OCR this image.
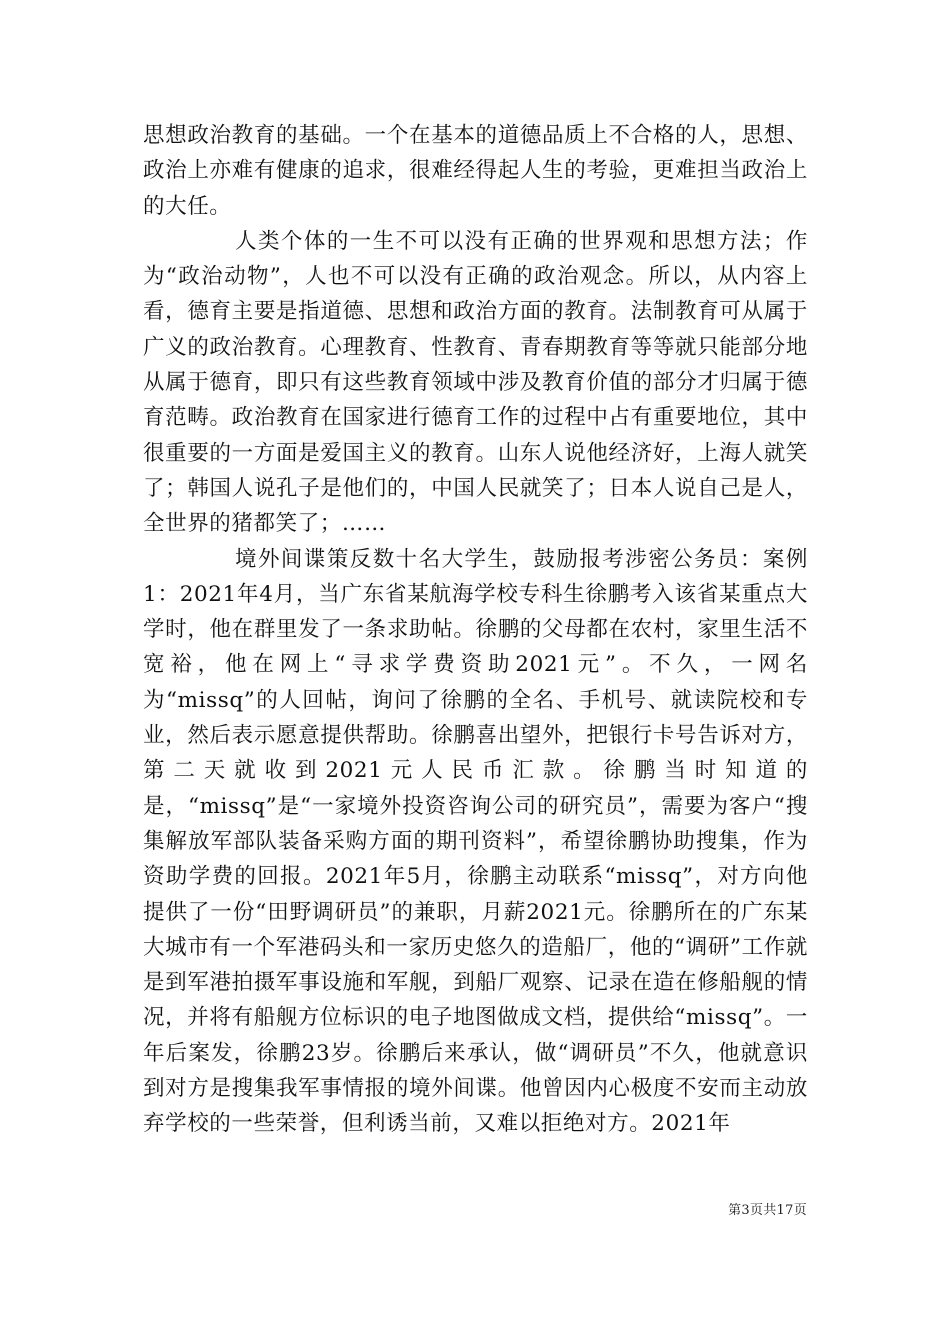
思想政治教育的基础。一个在基本的道德品质上不合格的人，思想、政治上亦难有健康的追求，很难经得起人生的考验，更难担当政治上的大任。

人类个体的一生不可以没有正确的世界观和思想方法；作为“政治动物”，人也不可以没有正确的政治观念。所以，从内容上看，德育主要是指道德、思想和政治方面的教育。法制教育可从属于广义的政治教育。心理教育、性教育、青春期教育等等就只能部分地从属于德育，即只有这些教育领域中涉及教育价值的部分才归属于德育范畴。政治教育在国家进行德育工作的过程中占有重要地位，其中很重要的一方面是爱国主义的教育。山东人说他经济好，上海人就笑了；韩国人说孔子是他们的，中国人民就笑了；日本人说自己是人，全世界的猪都笑了；……

境外间谍策反数十名大学生，鼓励报考涉密公务员：案例1：2021年4月，当广东省某航海学校专科生徐鹏考入该省某重点大学时，他在群里发了一条求助帖。徐鹏的父母都在农村，家里生活不宽裕，他在网上“寻求学费资助2021元”。不久，一网名为“missq”的人回帖，询问了徐鹏的全名、手机号、就读院校和专业，然后表示愿意提供帮助。徐鹏喜出望外，把银行卡号告诉对方，第二天就收到2021元人民币汇款。徐鹏当时知道的是，“missq”是“一家境外投资咨询公司的研究员”，需要为客户“搜集解放军部队装备采购方面的期刊资料”，希望徐鹏协助搜集，作为资助学费的回报。2021年5月，徐鹏主动联系“missq”，对方向他提供了一份“田野调研员”的兼职，月薪2021元。徐鹏所在的广东某大城市有一个军港码头和一家历史悠久的造船厂，他的“调研”工作就是到军港拍摄军事设施和军舰，到船厂观察、记录在造在修船舰的情况，并将有船舰方位标识的电子地图做成文档，提供给“missq”。一年后案发，徐鹏23岁。徐鹏后来承认，做“调研员”不久，他就意识到对方是搜集我军事情报的境外间谍。他曾因内心极度不安而主动放弃学校的一些荣誉，但利诱当前，又难以拒绝对方。2021年

第3页共17页
